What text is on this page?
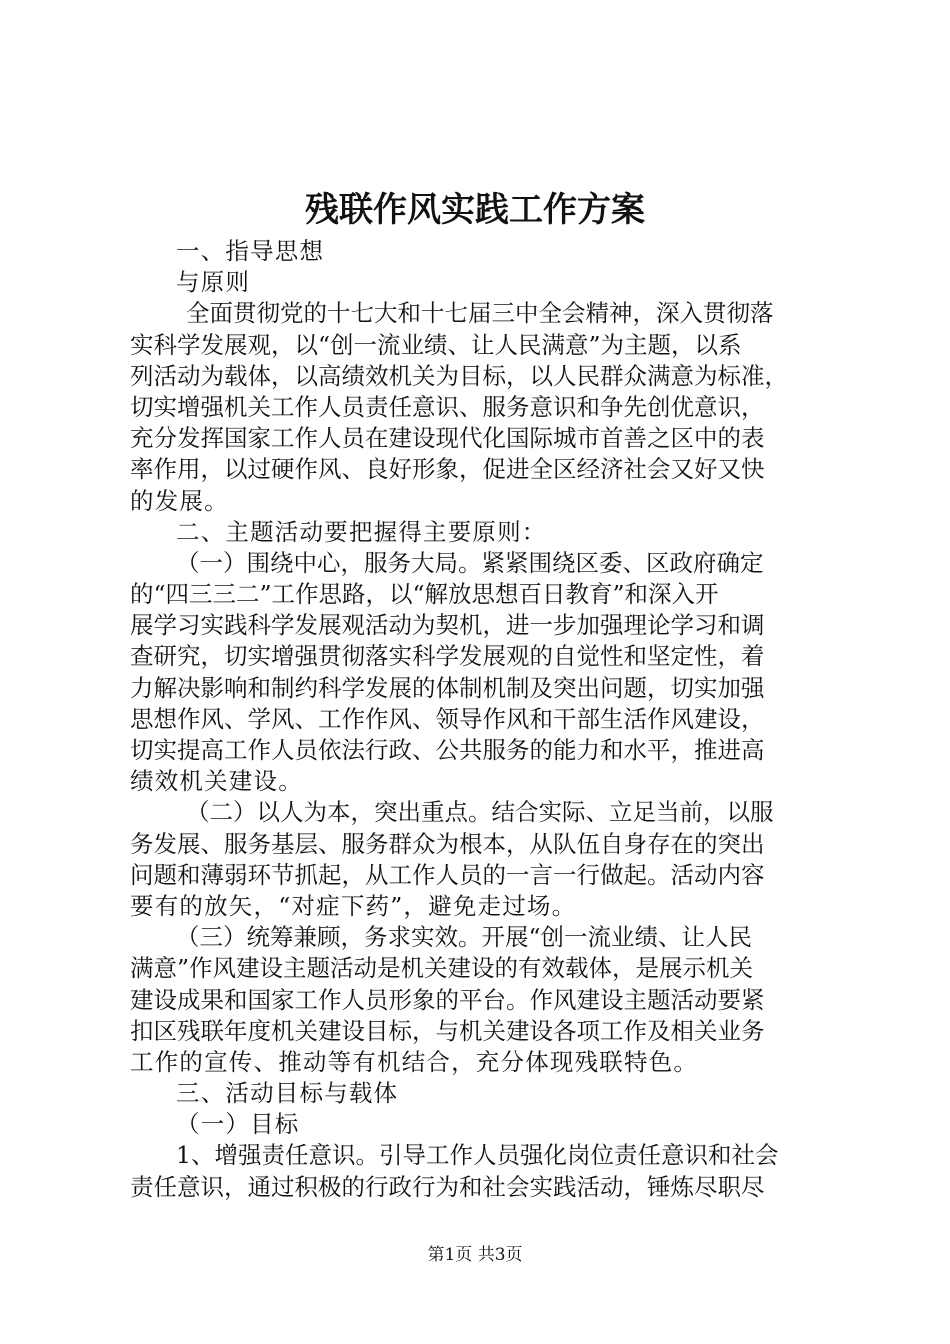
残联作风实践工作方案
一、指导思想
与原则
全面贯彻党的十七大和十七届三中全会精神，深入贯彻落
实科学发展观，以“创一流业绩、让人民满意”为主题，以系
列活动为载体，以高绩效机关为目标，以人民群众满意为标准，
切实增强机关工作人员责任意识、服务意识和争先创优意识，
充分发挥国家工作人员在建设现代化国际城市首善之区中的表
率作用，以过硬作风、良好形象，促进全区经济社会又好又快
的发展。
二、主题活动要把握得主要原则：
（一）围绕中心，服务大局。紧紧围绕区委、区政府确定
的“四三三二”工作思路，以“解放思想百日教育”和深入开
展学习实践科学发展观活动为契机，进一步加强理论学习和调
查研究，切实增强贯彻落实科学发展观的自觉性和坚定性，着
力解决影响和制约科学发展的体制机制及突出问题，切实加强
思想作风、学风、工作作风、领导作风和干部生活作风建设，
切实提高工作人员依法行政、公共服务的能力和水平，推进高
绩效机关建设。
（二）以人为本，突出重点。结合实际、立足当前，以服
务发展、服务基层、服务群众为根本，从队伍自身存在的突出
问题和薄弱环节抓起，从工作人员的一言一行做起。活动内容
要有的放矢，“对症下药”，避免走过场。
（三）统筹兼顾，务求实效。开展“创一流业绩、让人民
满意”作风建设主题活动是机关建设的有效载体，是展示机关
建设成果和国家工作人员形象的平台。作风建设主题活动要紧
扣区残联年度机关建设目标，与机关建设各项工作及相关业务
工作的宣传、推动等有机结合，充分体现残联特色。
三、活动目标与载体
（一）目标
1、增强责任意识。引导工作人员强化岗位责任意识和社会
责任意识，通过积极的行政行为和社会实践活动，锤炼尽职尽
第1页 共3页
